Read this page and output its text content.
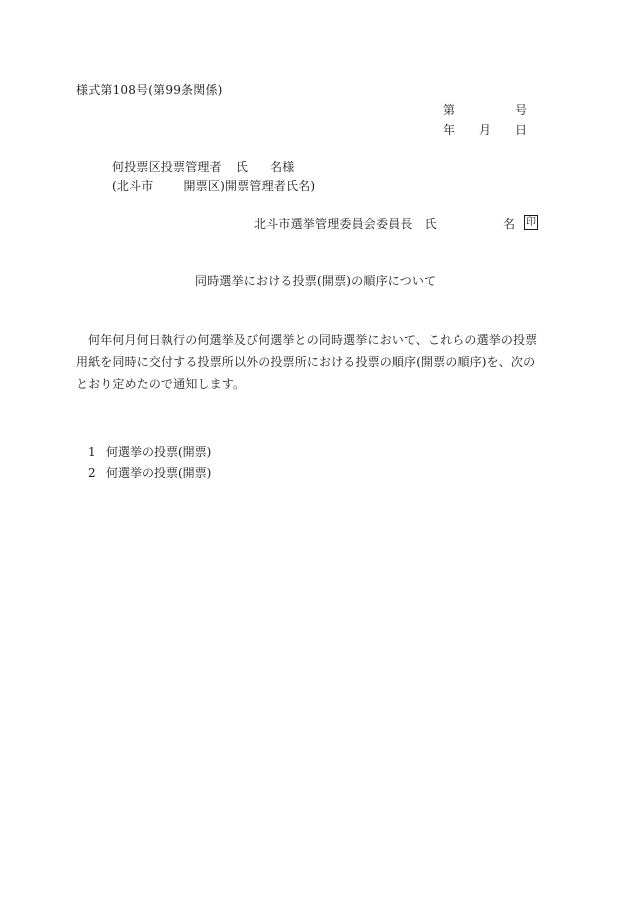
様式第108号(第99条関係)
第	号
年 月 日
何投票区投票管理者 氏 名様
(北斗市	開票区)開票管理者氏名)
北斗市選挙管理委員会委員長 氏	名 印
同時選挙における投票(開票)の順序について

何年何月何日執行の何選挙及び何選挙との同時選挙において、これらの選挙の投票用紙を同時に交付する投票所以外の投票所における投票の順序(開票の順序)を、次のとおり定めたので通知します。

1 何選挙の投票(開票)
2 何選挙の投票(開票)
